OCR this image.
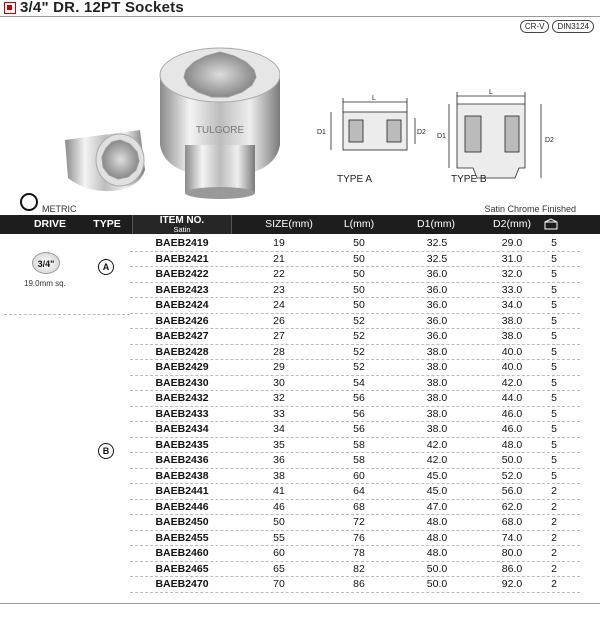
3/4" DR. 12PT Sockets
CR-V	DIN3124
TULGORE
L
D1	D2
L
D1
D2
TYPE A	TYPE B
METRIC	Satin Chrome Finished
DRIVE	TYPE	ITEM NO.
Satin	SIZE(mm)	L(mm)	D1(mm)	D2(mm)
3/4"
19.0mm sq.
A
B
BAEB2419	19	50	32.5	29.0	5
BAEB2421	21	50	32.5	31.0	5
BAEB2422	22	50	36.0	32.0	5
BAEB2423	23	50	36.0	33.0	5
BAEB2424	24	50	36.0	34.0	5
BAEB2426	26	52	36.0	38.0	5
BAEB2427	27	52	36.0	38.0	5
BAEB2428	28	52	38.0	40.0	5
BAEB2429	29	52	38.0	40.0	5
BAEB2430	30	54	38.0	42.0	5
BAEB2432	32	56	38.0	44.0	5
BAEB2433	33	56	38.0	46.0	5
BAEB2434	34	56	38.0	46.0	5
BAEB2435	35	58	42.0	48.0	5
BAEB2436	36	58	42.0	50.0	5
BAEB2438	38	60	45.0	52.0	5
BAEB2441	41	64	45.0	56.0	2
BAEB2446	46	68	47.0	62.0	2
BAEB2450	50	72	48.0	68.0	2
BAEB2455	55	76	48.0	74.0	2
BAEB2460	60	78	48.0	80.0	2
BAEB2465	65	82	50.0	86.0	2
BAEB2470	70	86	50.0	92.0	2
